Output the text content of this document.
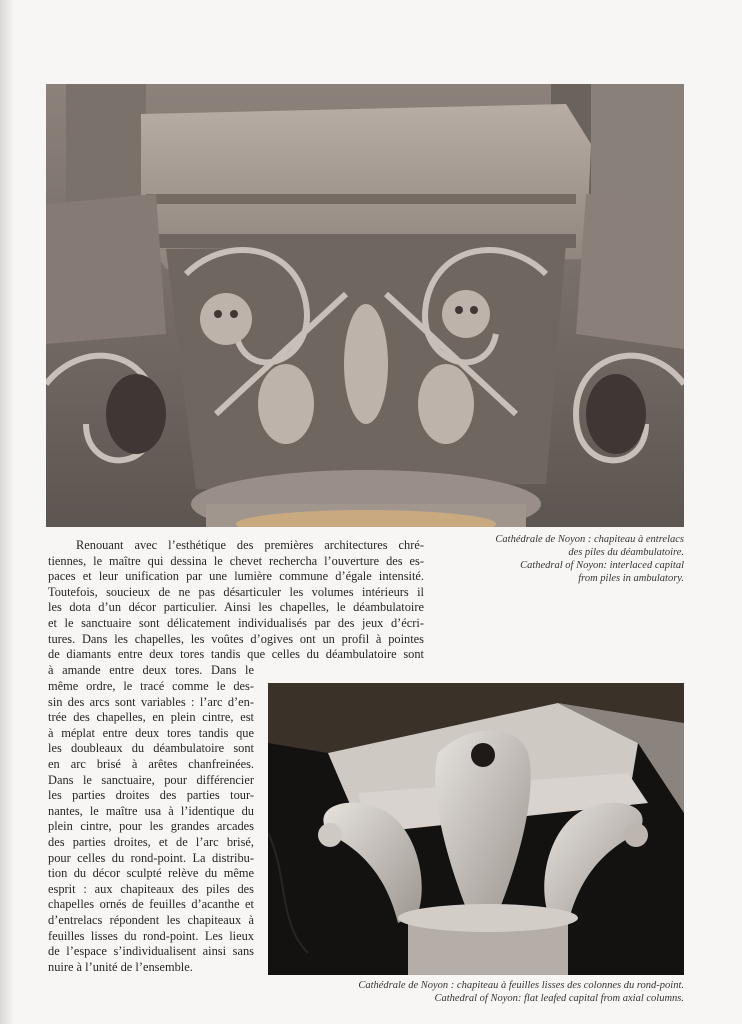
Cathédrale de Noyon : chapiteau à entrelacs
des piles du déambulatoire.
Cathedral of Noyon: interlaced capital
from piles in ambulatory.
Renouant avec l’esthétique des premières architectures chré-
tiennes, le maître qui dessina le chevet rechercha l’ouverture des es-
paces et leur unification par une lumière commune d’égale intensité.
Toutefois, soucieux de ne pas désarticuler les volumes intérieurs il
les dota d’un décor particulier. Ainsi les chapelles, le déambulatoire
et le sanctuaire sont délicatement individualisés par des jeux d’écri-
tures. Dans les chapelles, les voûtes d’ogives ont un profil à pointes
de diamants entre deux tores tandis que celles du déambulatoire sont
à amande entre deux tores. Dans le
même ordre, le tracé comme le des-
sin des arcs sont variables : l’arc d’en-
trée des chapelles, en plein cintre, est
à méplat entre deux tores tandis que
les doubleaux du déambulatoire sont
en arc brisé à arêtes chanfreinées.
Dans le sanctuaire, pour différencier
les parties droites des parties tour-
nantes, le maître usa à l’identique du
plein cintre, pour les grandes arcades
des parties droites, et de l’arc brisé,
pour celles du rond-point. La distribu-
tion du décor sculpté relève du même
esprit : aux chapiteaux des piles des
chapelles ornés de feuilles d’acanthe et
d’entrelacs répondent les chapiteaux à
feuilles lisses du rond-point. Les lieux
de l’espace s’individualisent ainsi sans
nuire à l’unité de l’ensemble.
Cathédrale de Noyon : chapiteau à feuilles lisses des colonnes du rond-point.
Cathedral of Noyon: flat leafed capital from axial columns.
